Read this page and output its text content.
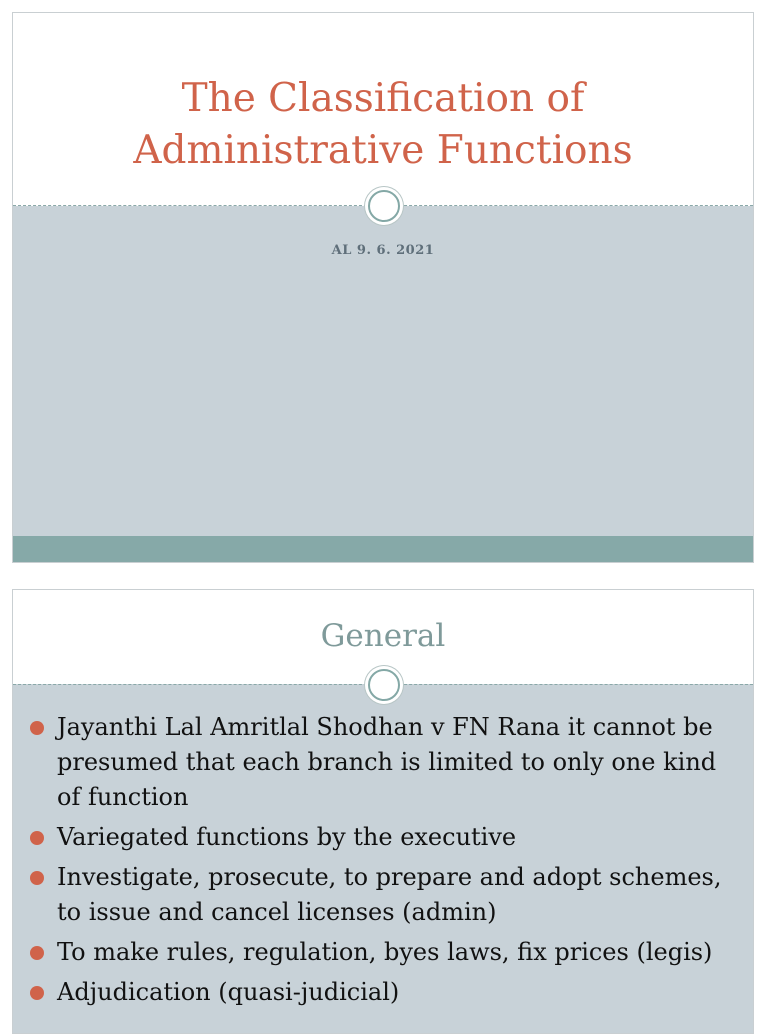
The Classification of
Administrative Functions
AL 9. 6. 2021
General
Jayanthi Lal Amritlal Shodhan v FN Rana it cannot be presumed that each branch is limited to only one kind of function
Variegated functions by the executive
Investigate, prosecute, to prepare and adopt schemes, to issue and cancel licenses (admin)
To make rules, regulation, byes laws, fix prices (legis)
Adjudication (quasi-judicial)
